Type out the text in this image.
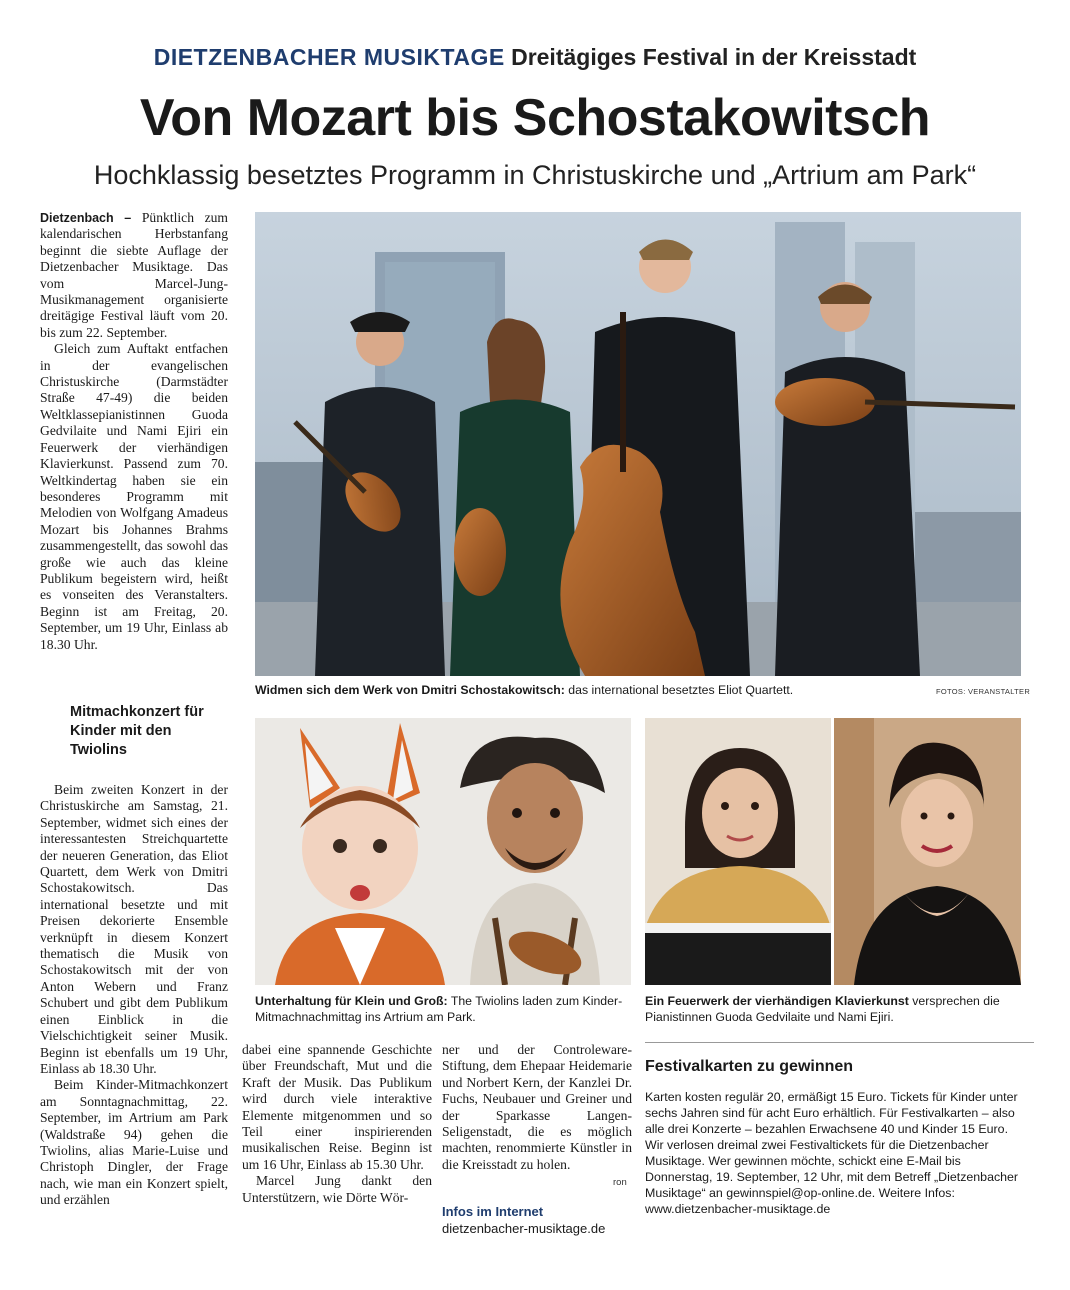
DIETZENBACHER MUSIKTAGE Dreitägiges Festival in der Kreisstadt
Von Mozart bis Schostakowitsch
Hochklassig besetztes Programm in Christuskirche und „Artrium am Park“

Dietzenbach – Pünktlich zum kalendarischen Herbstanfang beginnt die siebte Auflage der Dietzenbacher Musiktage. Das vom Marcel-Jung-Musikmanagement organisierte dreitägige Festival läuft vom 20. bis zum 22. September.

Gleich zum Auftakt entfachen in der evangelischen Christuskirche (Darmstädter Straße 47-49) die beiden Weltklassepianistinnen Guoda Gedvilaite und Nami Ejiri ein Feuerwerk der vierhändigen Klavierkunst. Passend zum 70. Weltkindertag haben sie ein besonderes Programm mit Melodien von Wolfgang Amadeus Mozart bis Johannes Brahms zusammengestellt, das sowohl das große wie auch das kleine Publikum begeistern wird, heißt es vonseiten des Veranstalters. Beginn ist am Freitag, 20. September, um 19 Uhr, Einlass ab 18.30 Uhr.

Mitmachkonzert für Kinder mit den Twiolins

Beim zweiten Konzert in der Christuskirche am Samstag, 21. September, widmet sich eines der interessantesten Streichquartette der neueren Generation, das Eliot Quartett, dem Werk von Dmitri Schostakowitsch. Das international besetzte und mit Preisen dekorierte Ensemble verknüpft in diesem Konzert thematisch die Musik von Schostakowitsch mit der von Anton Webern und Franz Schubert und gibt dem Publikum einen Einblick in die Vielschichtigkeit seiner Musik. Beginn ist ebenfalls um 19 Uhr, Einlass ab 18.30 Uhr.

Beim Kinder-Mitmachkonzert am Sonntagnachmittag, 22. September, im Artrium am Park (Waldstraße 94) gehen die Twiolins, alias Marie-Luise und Christoph Dingler, der Frage nach, wie man ein Konzert spielt, und erzählen

Widmen sich dem Werk von Dmitri Schostakowitsch: das international besetztes Eliot Quartett.	FOTOS: VERANSTALTER
Unterhaltung für Klein und Groß: The Twiolins laden zum Kinder-Mitmachnachmittag ins Artrium am Park.
Ein Feuerwerk der vierhändigen Klavierkunst versprechen die Pianistinnen Guoda Gedvilaite und Nami Ejiri.

dabei eine spannende Geschichte über Freundschaft, Mut und die Kraft der Musik. Das Publikum wird durch viele interaktive Elemente mitgenommen und so Teil einer inspirierenden musikalischen Reise. Beginn ist um 16 Uhr, Einlass ab 15.30 Uhr.

Marcel Jung dankt den Unterstützern, wie Dörte Wör-

ner und der Controleware-Stiftung, dem Ehepaar Heidemarie und Norbert Kern, der Kanzlei Dr. Fuchs, Neubauer und Greiner und der Sparkasse Langen-Seligenstadt, die es möglich machten, renommierte Künstler in die Kreisstadt zu holen.

ron
Infos im Internet
dietzenbacher-musiktage.de
Festivalkarten zu gewinnen
Karten kosten regulär 20, ermäßigt 15 Euro. Tickets für Kinder unter sechs Jahren sind für acht Euro erhältlich. Für Festivalkarten – also alle drei Konzerte – bezahlen Erwachsene 40 und Kinder 15 Euro. Wir verlosen dreimal zwei Festivaltickets für die Dietzenbacher Musiktage. Wer gewinnen möchte, schickt eine E-Mail bis Donnerstag, 19. September, 12 Uhr, mit dem Betreff „Dietzenbacher Musiktage“ an gewinnspiel@op-online.de. Weitere Infos: www.dietzenbacher-musiktage.de
